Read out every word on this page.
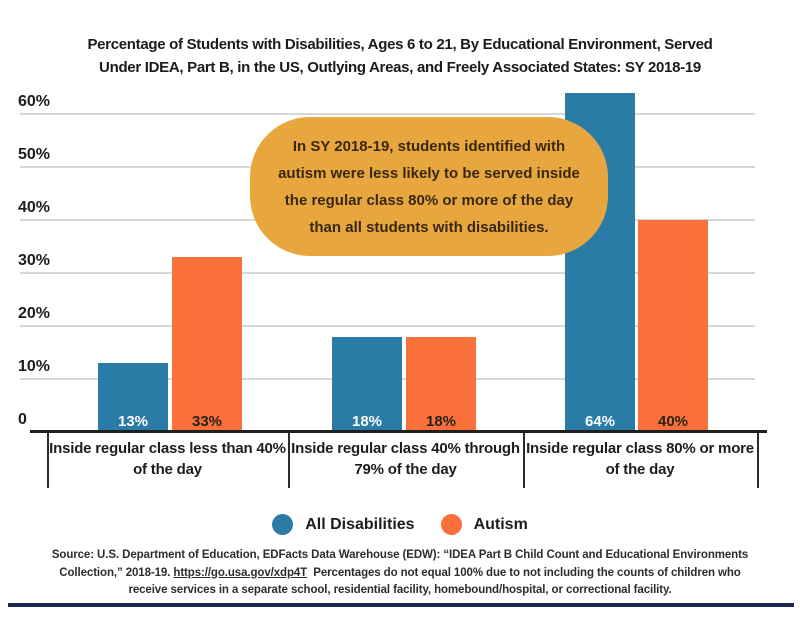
Percentage of Students with Disabilities, Ages 6 to 21, By Educational Environment, Served
Under IDEA, Part B, in the US, Outlying Areas, and Freely Associated States: SY 2018-19
Inside regular class less than 40% of the day
Inside regular class 40% through 79% of the day
Inside regular class 80% or more of the day
In SY 2018-19, students identified with
autism were less likely to be served inside
the regular class 80% or more of the day
than all students with disabilities.
All Disabilities	Autism
Source: U.S. Department of Education, EDFacts Data Warehouse (EDW): “IDEA Part B Child Count and Educational Environments
Collection,” 2018-19. https://go.usa.gov/xdp4T  Percentages do not equal 100% due to not including the counts of children who
receive services in a separate school, residential facility, homebound/hospital, or correctional facility.
60%
50%
40%
30%
20%
10%
0	13%	18%	64%
33%	18%	40%
